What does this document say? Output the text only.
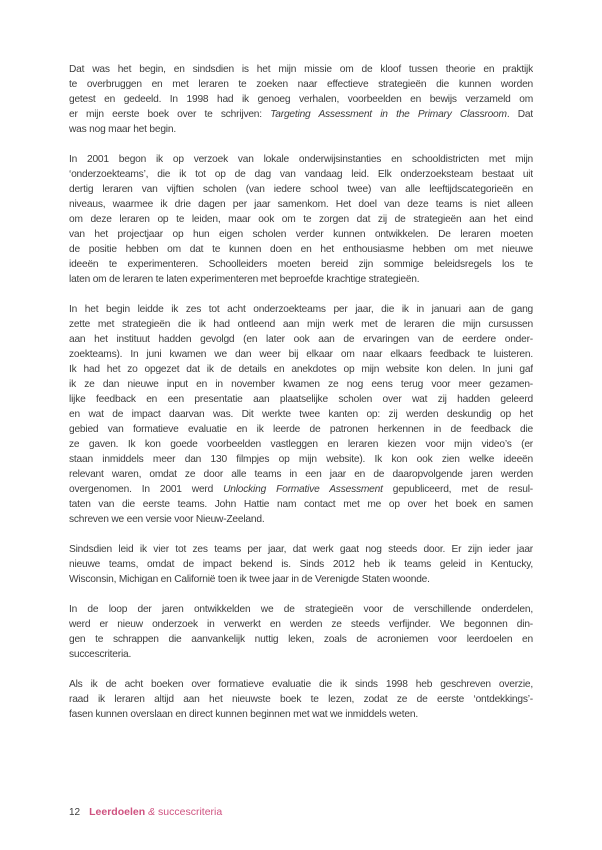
Dat was het begin, en sindsdien is het mijn missie om de kloof tussen theorie en praktijk
te overbruggen en met leraren te zoeken naar effectieve strategieën die kunnen worden
getest en gedeeld. In 1998 had ik genoeg verhalen, voorbeelden en bewijs verzameld om
er mijn eerste boek over te schrijven: Targeting Assessment in the Primary Classroom. Dat
was nog maar het begin.
In 2001 begon ik op verzoek van lokale onderwijsinstanties en schooldistricten met mijn
‘onderzoekteams’, die ik tot op de dag van vandaag leid. Elk onderzoeksteam bestaat uit
dertig leraren van vijftien scholen (van iedere school twee) van alle leeftijdscategorieën en
niveaus, waarmee ik drie dagen per jaar samenkom. Het doel van deze teams is niet alleen
om deze leraren op te leiden, maar ook om te zorgen dat zij de strategieën aan het eind
van het projectjaar op hun eigen scholen verder kunnen ontwikkelen. De leraren moeten
de positie hebben om dat te kunnen doen en het enthousiasme hebben om met nieuwe
ideeën te experimenteren. Schoolleiders moeten bereid zijn sommige beleidsregels los te
laten om de leraren te laten experimenteren met beproefde krachtige strategieën.
In het begin leidde ik zes tot acht onderzoekteams per jaar, die ik in januari aan de gang
zette met strategieën die ik had ontleend aan mijn werk met de leraren die mijn cursussen
aan het instituut hadden gevolgd (en later ook aan de ervaringen van de eerdere onder-
zoekteams). In juni kwamen we dan weer bij elkaar om naar elkaars feedback te luisteren.
Ik had het zo opgezet dat ik de details en anekdotes op mijn website kon delen. In juni gaf
ik ze dan nieuwe input en in november kwamen ze nog eens terug voor meer gezamen-
lijke feedback en een presentatie aan plaatselijke scholen over wat zij hadden geleerd
en wat de impact daarvan was. Dit werkte twee kanten op: zij werden deskundig op het
gebied van formatieve evaluatie en ik leerde de patronen herkennen in de feedback die
ze gaven. Ik kon goede voorbeelden vastleggen en leraren kiezen voor mijn video’s (er
staan inmiddels meer dan 130 filmpjes op mijn website). Ik kon ook zien welke ideeën
relevant waren, omdat ze door alle teams in een jaar en de daaropvolgende jaren werden
overgenomen. In 2001 werd Unlocking Formative Assessment gepubliceerd, met de resul-
taten van die eerste teams. John Hattie nam contact met me op over het boek en samen
schreven we een versie voor Nieuw-Zeeland.
Sindsdien leid ik vier tot zes teams per jaar, dat werk gaat nog steeds door. Er zijn ieder jaar
nieuwe teams, omdat de impact bekend is. Sinds 2012 heb ik teams geleid in Kentucky,
Wisconsin, Michigan en Californië toen ik twee jaar in de Verenigde Staten woonde.
In de loop der jaren ontwikkelden we de strategieën voor de verschillende onderdelen,
werd er nieuw onderzoek in verwerkt en werden ze steeds verfijnder. We begonnen din-
gen te schrappen die aanvankelijk nuttig leken, zoals de acroniemen voor leerdoelen en
succescriteria.
Als ik de acht boeken over formatieve evaluatie die ik sinds 1998 heb geschreven overzie,
raad ik leraren altijd aan het nieuwste boek te lezen, zodat ze de eerste ‘ontdekkings’-
fasen kunnen overslaan en direct kunnen beginnen met wat we inmiddels weten.
12 Leerdoelen & succescriteria
